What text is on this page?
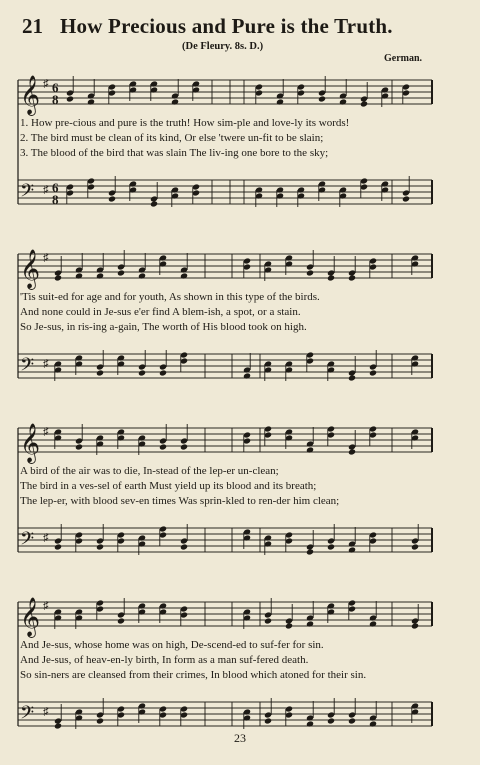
21 How Precious and Pure is the Truth.
(De Fleury. 8s. D.)
German.
𝄞 ♯ 6
8
𝄢 ♯ 6
8
1. How pre-cious and pure is the truth! How sim-ple and love-ly its words!
2. The bird must be clean of its kind, Or else 'twere un-fit to be slain;
3. The blood of the bird that was slain The liv-ing one bore to the sky;
𝄞 ♯
𝄢 ♯
'Tis suit-ed for age and for youth, As shown in this type of the birds.
And none could in Je-sus e'er find A blem-ish, a spot, or a stain.
So Je-sus, in ris-ing a-gain, The worth of His blood took on high.
𝄞 ♯
𝄢 ♯
A bird of the air was to die, In-stead of the lep-er un-clean;
The bird in a ves-sel of earth Must yield up its blood and its breath;
The lep-er, with blood sev-en times Was sprin-kled to ren-der him clean;
𝄞 ♯
𝄢 ♯
And Je-sus, whose home was on high, De-scend-ed to suf-fer for sin.
And Je-sus, of heav-en-ly birth, In form as a man suf-fered death.
So sin-ners are cleansed from their crimes, In blood which atoned for their sin.
23
